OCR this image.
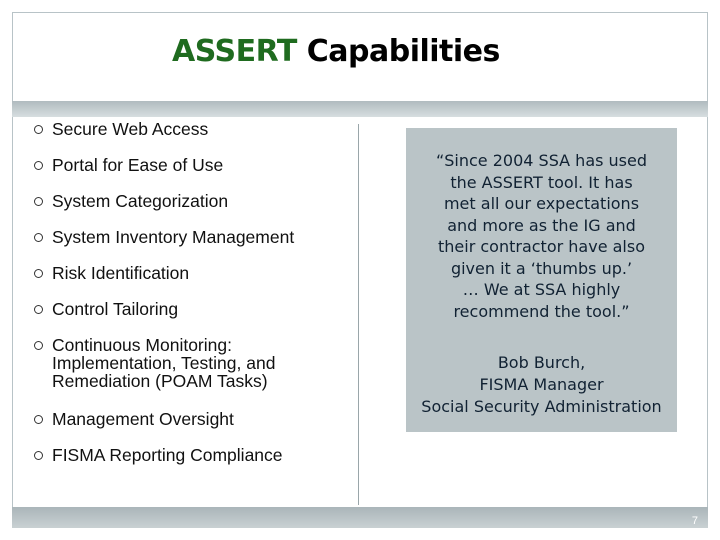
ASSERT Capabilities
Secure Web Access
Portal for Ease of Use
System Categorization
System Inventory Management
Risk Identification
Control Tailoring
Continuous Monitoring:
Implementation, Testing, and
Remediation (POAM Tasks)
Management Oversight
FISMA Reporting Compliance
“Since 2004 SSA has used
the ASSERT tool. It has
met all our expectations
and more as the IG and
their contractor have also
given it a ‘thumbs up.’
… We at SSA highly
recommend the tool.”
Bob Burch,
FISMA Manager
Social Security Administration
7
